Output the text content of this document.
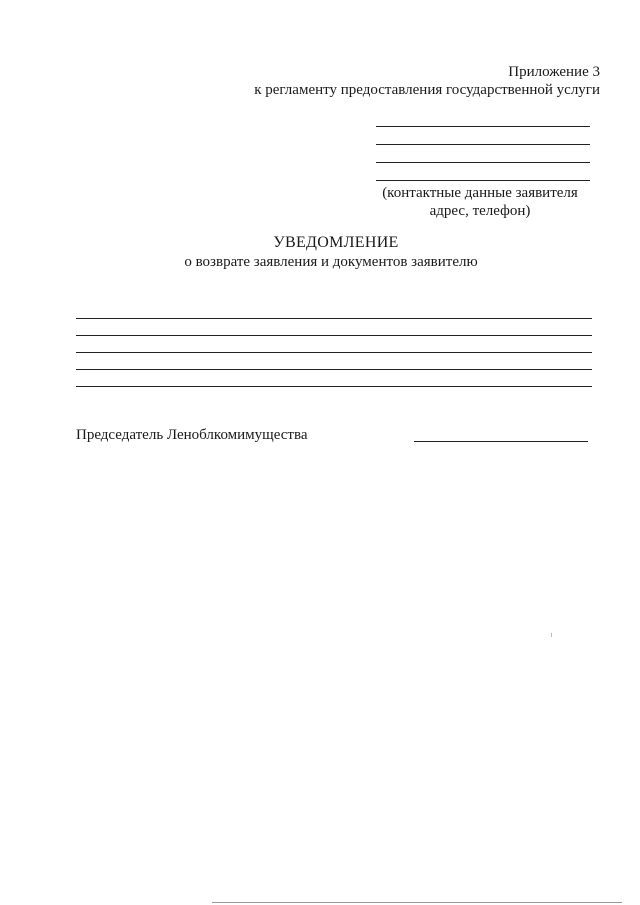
Приложение 3
к регламенту предоставления государственной услуги
(контактные данные заявителя
адрес, телефон)
УВЕДОМЛЕНИЕ
о возврате заявления и документов заявителю
Председатель Леноблкомимущества
